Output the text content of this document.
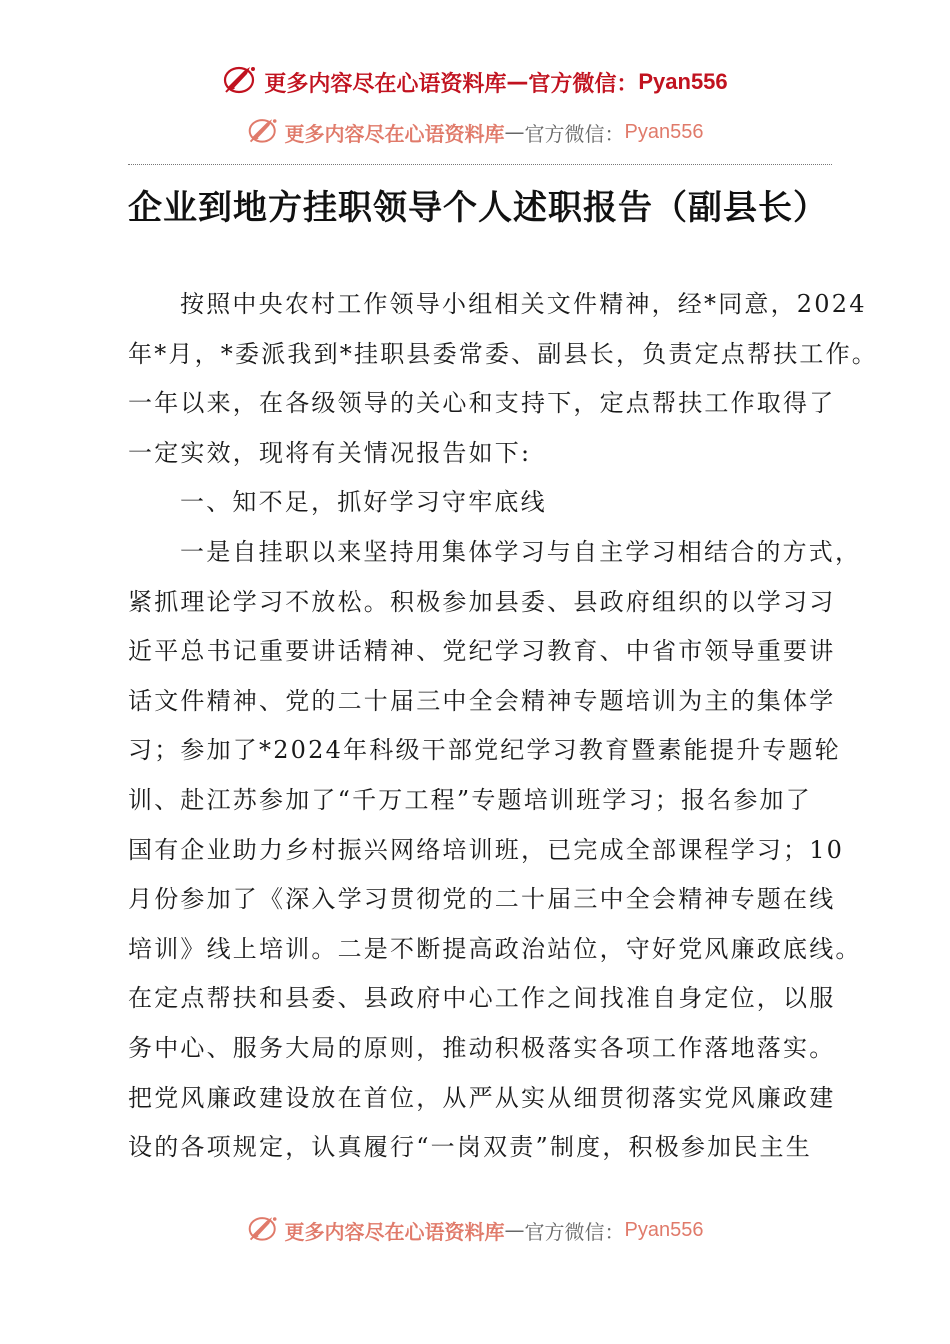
更多内容尽在心语资料库 — 官方微信： Pyan556
更多内容尽在心语资料库 — 官方微信： Pyan556
企业到地方挂职领导个人述职报告（副县长）
按照中央农村工作领导小组相关文件精神，经*同意，2024
年*月，*委派我到*挂职县委常委、副县长，负责定点帮扶工作。
一年以来，在各级领导的关心和支持下，定点帮扶工作取得了
一定实效，现将有关情况报告如下:
一、知不足，抓好学习守牢底线
一是自挂职以来坚持用集体学习与自主学习相结合的方式，
紧抓理论学习不放松。积极参加县委、县政府组织的以学习习
近平总书记重要讲话精神、党纪学习教育、中省市领导重要讲
话文件精神、党的二十届三中全会精神专题培训为主的集体学
习；参加了*2024年科级干部党纪学习教育暨素能提升专题轮
训、赴江苏参加了“千万工程”专题培训班学习；报名参加了
国有企业助力乡村振兴网络培训班，已完成全部课程学习；10
月份参加了《深入学习贯彻党的二十届三中全会精神专题在线
培训》线上培训。二是不断提高政治站位，守好党风廉政底线。
在定点帮扶和县委、县政府中心工作之间找准自身定位，以服
务中心、服务大局的原则，推动积极落实各项工作落地落实。
把党风廉政建设放在首位，从严从实从细贯彻落实党风廉政建
设的各项规定，认真履行“一岗双责”制度，积极参加民主生
更多内容尽在心语资料库 — 官方微信： Pyan556
